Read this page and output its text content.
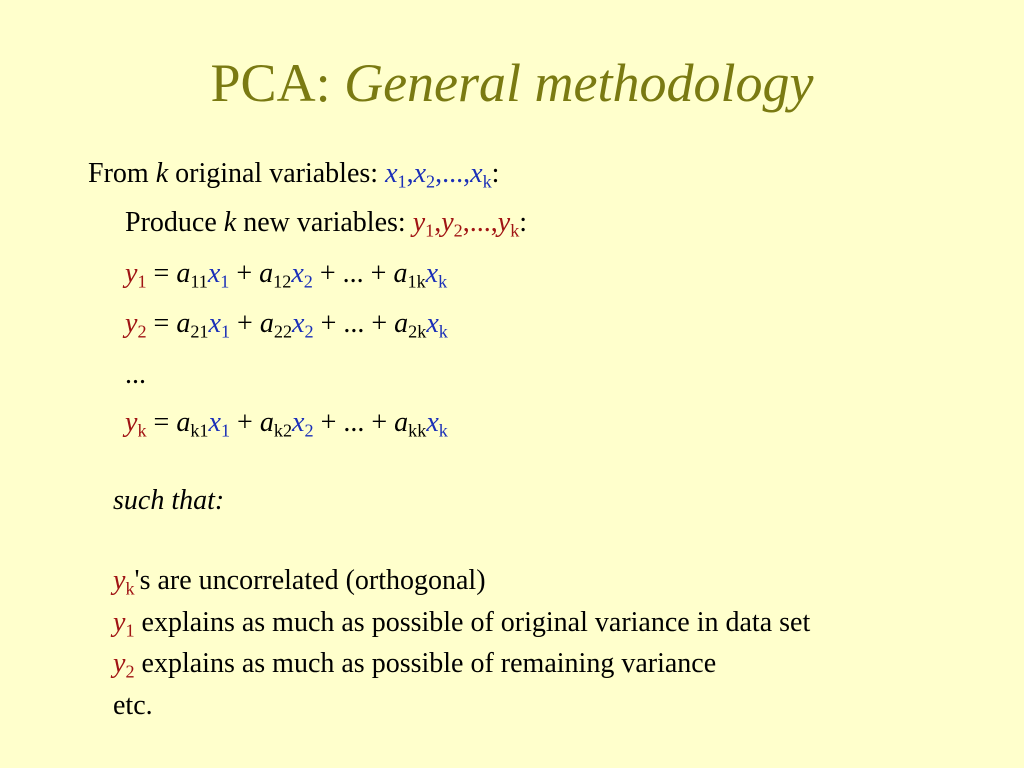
PCA: General methodology
From k original variables: $x_1,x_2,...,x_k$:
Produce k new variables: $y_1,y_2,...,y_k$:
$y_1 = a_{11}x_1 + a_{12}x_2$ + ... + $a_{1k}x_k$
$y_2 = a_{21}x_1 + a_{22}x_2$ + ... + $a_{2k}x_k$
...
$y_k = a_{k1}x_1 + a_{k2}x_2$ + ... + $a_{kk}x_k$
such that:
$y_k's$ are uncorrelated (orthogonal)
$y_1$ explains as much as possible of original variance in data set
$y_2$ explains as much as possible of remaining variance
etc.
